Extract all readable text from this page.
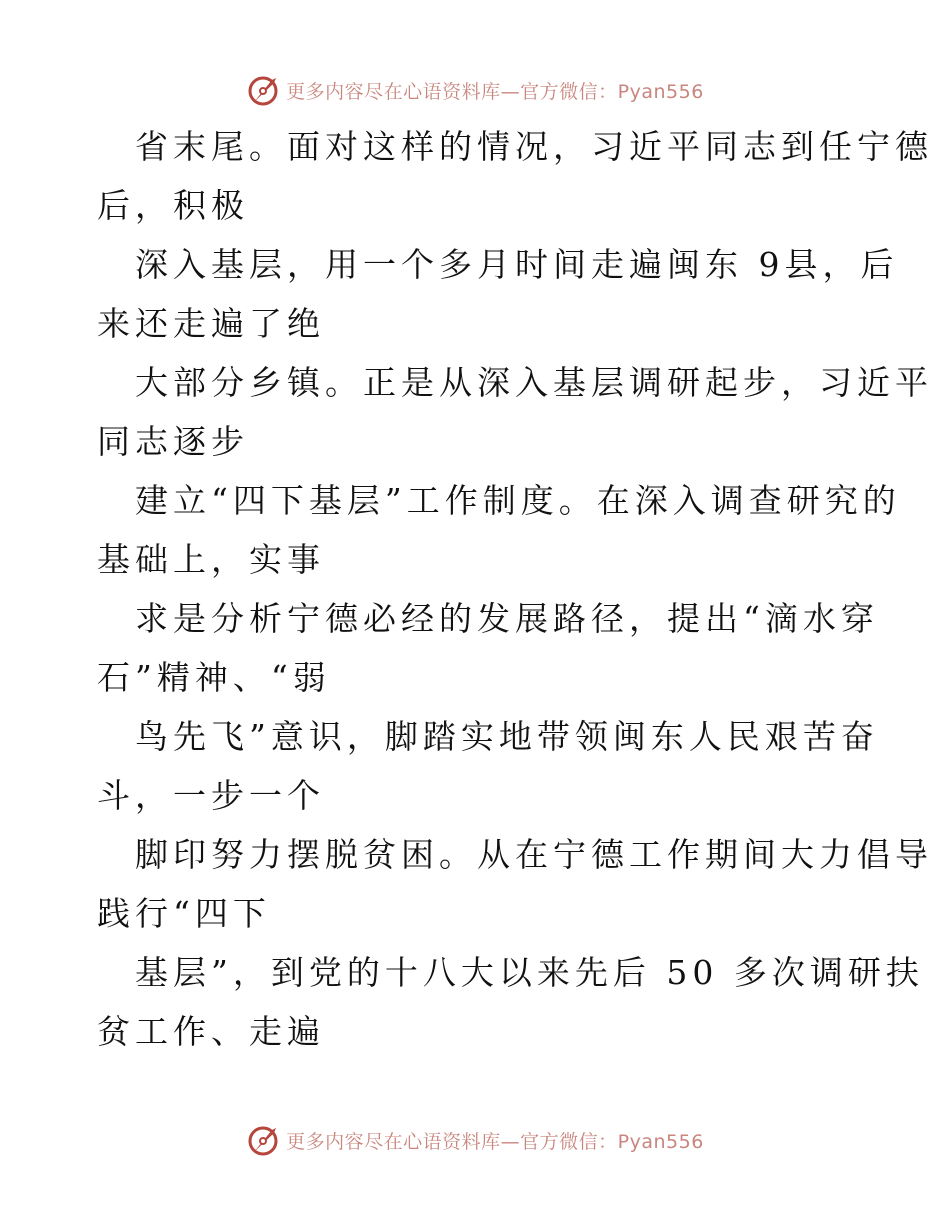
更多内容尽在心语资料库—官方微信：Pyan556
省末尾。面对这样的情况，习近平同志到任宁德
后，积极
深入基层，用一个多月时间走遍闽东 9县，后
来还走遍了绝
大部分乡镇。正是从深入基层调研起步，习近平
同志逐步
建立“四下基层”工作制度。在深入调查研究的
基础上，实事
求是分析宁德必经的发展路径，提出“滴水穿
石”精神、“弱
鸟先飞”意识，脚踏实地带领闽东人民艰苦奋
斗，一步一个
脚印努力摆脱贫困。从在宁德工作期间大力倡导
践行“四下
基层”，到党的十八大以来先后 50 多次调研扶
贫工作、走遍
更多内容尽在心语资料库—官方微信：Pyan556
